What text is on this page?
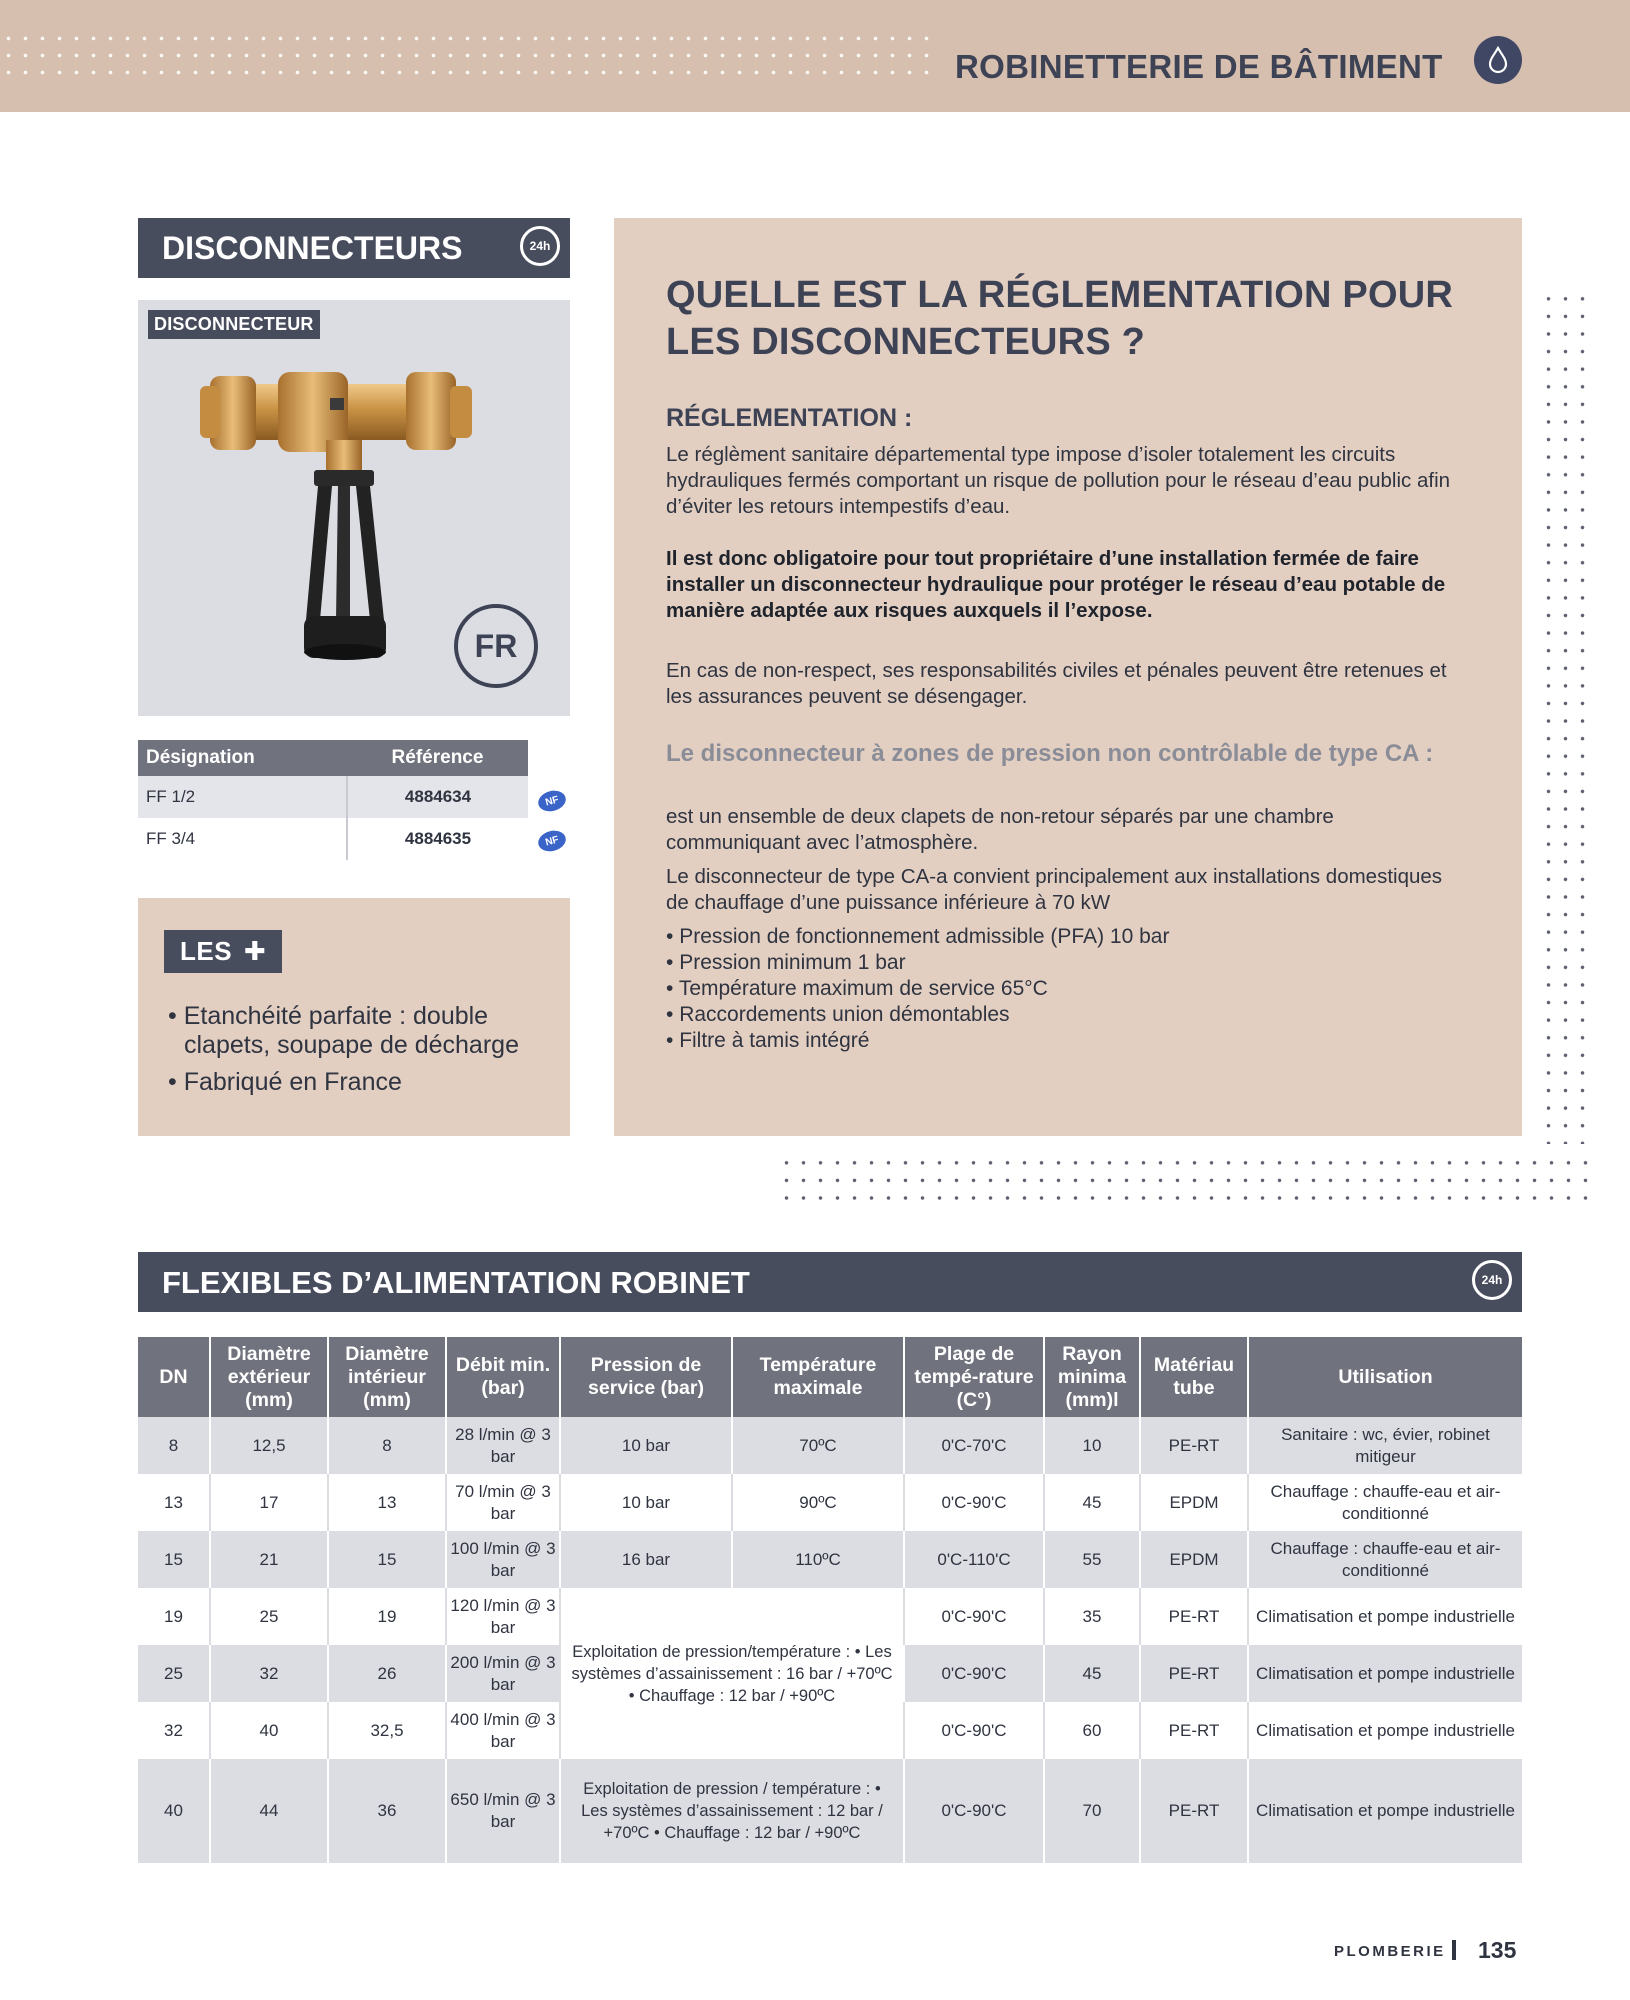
ROBINETTERIE DE BÂTIMENT
DISCONNECTEURS	24h
DISCONNECTEUR
FR
Désignation	Référence
FF 1/2	4884634
FF 3/4	4884635
NF
NF
LES ✚
• Etanchéité parfaite : double clapets, soupape de décharge
• Fabriqué en France
QUELLE EST LA RÉGLEMENTATION POUR LES DISCONNECTEURS ?
RÉGLEMENTATION :
Le réglèment sanitaire départemental type impose d’isoler totalement les circuits hydrauliques fermés comportant un risque de pollution pour le réseau d’eau public afin d’éviter les retours intempestifs d’eau.
Il est donc obligatoire pour tout propriétaire d’une installation fermée de faire installer un disconnecteur hydraulique pour protéger le réseau d’eau potable de manière adaptée aux risques auxquels il l’expose.
En cas de non-respect, ses responsabilités civiles et pénales peuvent être retenues et les assurances peuvent se désengager.
Le disconnecteur à zones de pression non contrôlable de type CA :
est un ensemble de deux clapets de non-retour séparés par une chambre communiquant avec l’atmosphère.
Le disconnecteur de type CA-a convient principalement aux installations domestiques de chauffage d’une puissance inférieure à 70 kW
• Pression de fonctionnement admissible (PFA) 10 bar
• Pression minimum 1 bar
• Température maximum de service 65°C
• Raccordements union démontables
• Filtre à tamis intégré
FLEXIBLES D’ALIMENTATION ROBINET	24h
DN	Diamètre extérieur (mm)	Diamètre intérieur (mm)	Débit min. (bar)	Pression de service (bar)	Température maximale	Plage de tempé-rature (C°)	Rayon minima (mm)l	Matériau tube	Utilisation
8	12,5	8	28 l/min @ 3 bar	10 bar	70ºC	0'C-70'C	10	PE-RT	Sanitaire : wc, évier, robinet mitigeur
13	17	13	70 l/min @ 3 bar	10 bar	90ºC	0'C-90'C	45	EPDM	Chauffage : chauffe-eau et air-conditionné
15	21	15	100 l/min @ 3 bar	16 bar	110ºC	0'C-110'C	55	EPDM	Chauffage : chauffe-eau et air-conditionné
19	25	19	120 l/min @ 3 bar	Exploitation de pression/température : • Les systèmes d’assainissement : 16 bar / +70ºC • Chauffage : 12 bar / +90ºC		0'C-90'C	35	PE-RT	Climatisation et pompe industrielle
25	32	26	200 l/min @ 3 bar			0'C-90'C	45	PE-RT	Climatisation et pompe industrielle
32	40	32,5	400 l/min @ 3 bar			0'C-90'C	60	PE-RT	Climatisation et pompe industrielle
40	44	36	650 l/min @ 3 bar	Exploitation de pression / température : • Les systèmes d’assainissement : 12 bar / +70ºC • Chauffage : 12 bar / +90ºC		0'C-90'C	70	PE-RT	Climatisation et pompe industrielle
PLOMBERIE 135
